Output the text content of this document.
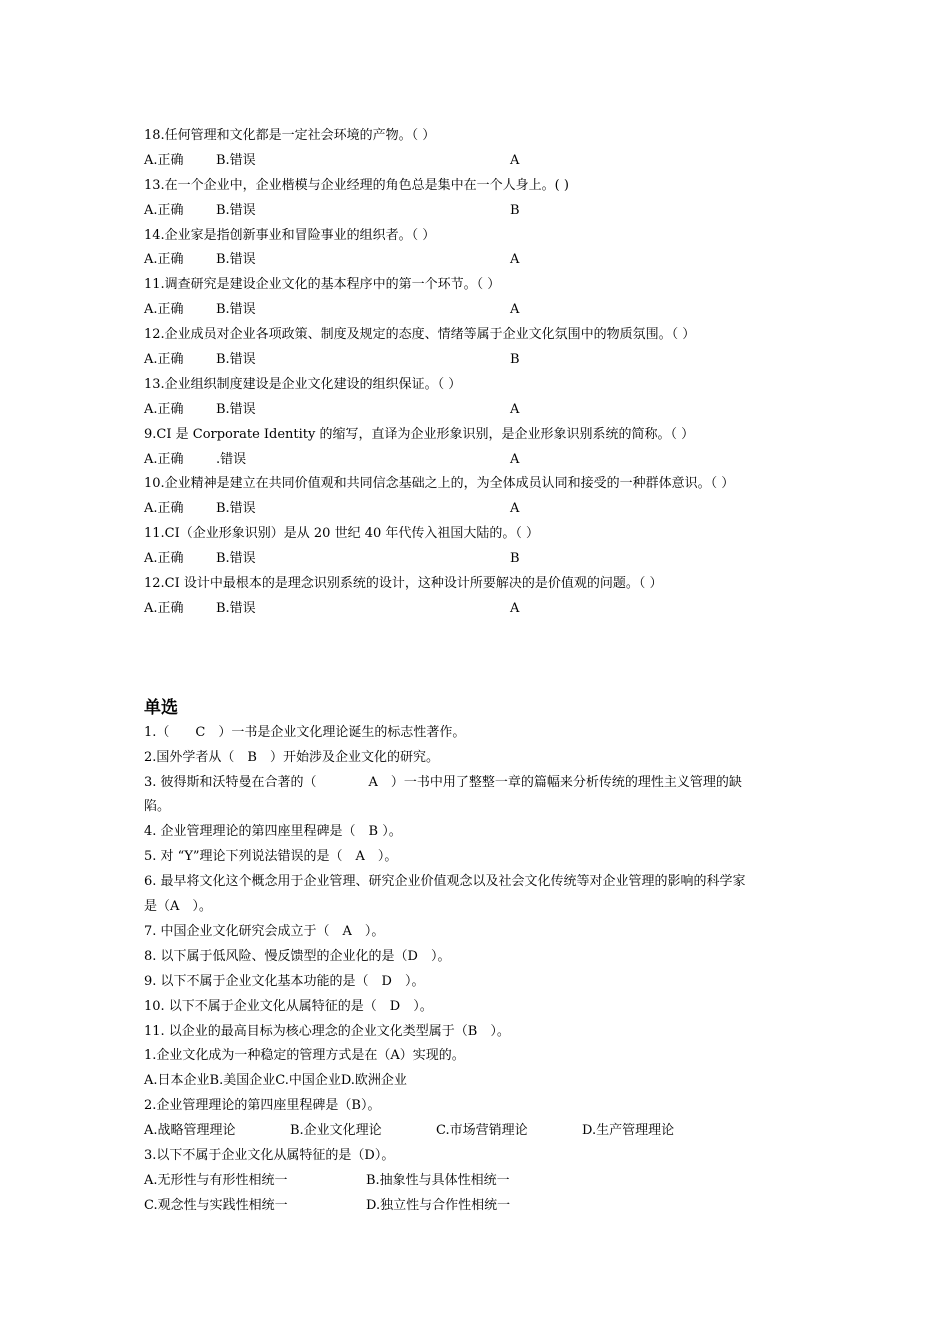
18.任何管理和文化都是一定社会环境的产物。（ ）
A.正确 B.错误	A
13.在一个企业中，企业楷模与企业经理的角色总是集中在一个人身上。( )
A.正确 B.错误	B
14.企业家是指创新事业和冒险事业的组织者。（ ）
A.正确 B.错误	A
11.调查研究是建设企业文化的基本程序中的第一个环节。（ ）
A.正确 B.错误	A
12.企业成员对企业各项政策、制度及规定的态度、情绪等属于企业文化氛围中的物质氛围。（ ）
A.正确 B.错误	B
13.企业组织制度建设是企业文化建设的组织保证。（ ）
A.正确 B.错误	A
9.CI 是 Corporate Identity 的缩写，直译为企业形象识别，是企业形象识别系统的简称。（ ）
A.正确 .错误	A
10.企业精神是建立在共同价值观和共同信念基础之上的，为全体成员认同和接受的一种群体意识。（ ）
A.正确 B.错误	A
11.CI（企业形象识别）是从 20 世纪 40 年代传入祖国大陆的。（ ）
A.正确 B.错误	B
12.CI 设计中最根本的是理念识别系统的设计，这种设计所要解决的是价值观的问题。（ ）
A.正确 B.错误	A
单选
1.（　　C　）一书是企业文化理论诞生的标志性著作。
2.国外学者从（　B　）开始涉及企业文化的研究。
3. 彼得斯和沃特曼在合著的（　　　　A　）一书中用了整整一章的篇幅来分析传统的理性主义管理的缺
陷。
4. 企业管理理论的第四座里程碑是（　B ）。
5. 对 “Y”理论下列说法错误的是（　A　）。
6. 最早将文化这个概念用于企业管理、研究企业价值观念以及社会文化传统等对企业管理的影响的科学家
是（A　）。
7. 中国企业文化研究会成立于（　A　）。
8. 以下属于低风险、慢反馈型的企业化的是（D　）。
9. 以下不属于企业文化基本功能的是（　D　）。
10. 以下不属于企业文化从属特征的是（　D　）。
11. 以企业的最高目标为核心理念的企业文化类型属于（B　）。
1.企业文化成为一种稳定的管理方式是在（A）实现的。
A.日本企业B.美国企业C.中国企业D.欧洲企业
2.企业管理理论的第四座里程碑是（B）。
A.战略管理理论	B.企业文化理论	C.市场营销理论	D.生产管理理论
3.以下不属于企业文化从属特征的是（D）。
A.无形性与有形性相统一	B.抽象性与具体性相统一
C.观念性与实践性相统一	D.独立性与合作性相统一
